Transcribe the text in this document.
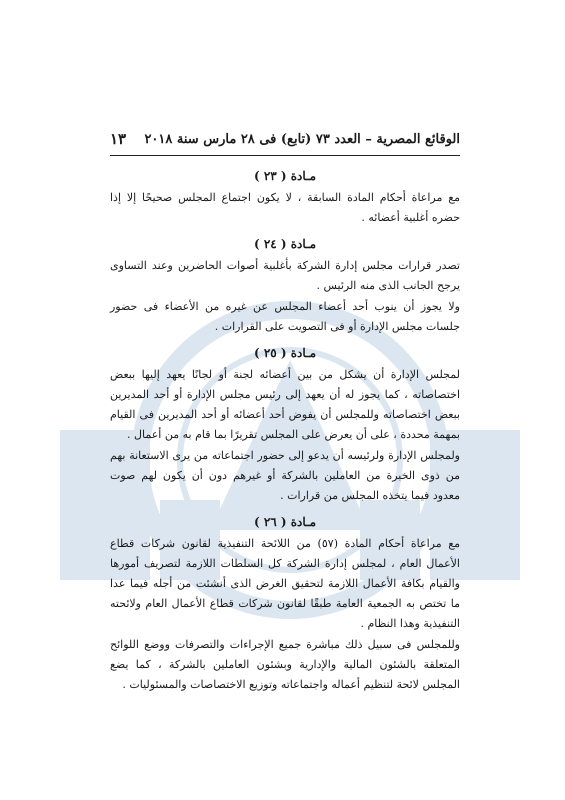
الوقائع المصرية – العدد ٧٣ (تابع) فى ٢٨ مارس سنة ٢٠١٨
١٣
مـادة ( ٢٣ )

مع مراعاة أحكام المادة السابقة ، لا يكون اجتماع المجلس صحيحًا إلا إذا حضره أغلبية أعضائه .

مـادة ( ٢٤ )

تصدر قرارات مجلس إدارة الشركة بأغلبية أصوات الحاضرين وعند التساوى يرجح الجانب الذى منه الرئيس .

ولا يجوز أن ينوب أحد أعضاء المجلس عن غيره من الأعضاء فى حضور جلسات مجلس الإدارة أو فى التصويت على القرارات .

مـادة ( ٢٥ )

لمجلس الإدارة أن يشكل من بين أعضائه لجنة أو لجانًا يعهد إليها ببعض اختصاصاته ، كما يجوز له أن يعهد إلى رئيس مجلس الإدارة أو أحد المديرين ببعض اختصاصاته وللمجلس أن يفوض أحد أعضائه أو أحد المديرين فى القيام بمهمة محددة ، على أن يعرض على المجلس تقريرًا بما قام به من أعمال .

ولمجلس الإدارة ولرئيسه أن يدعو إلى حضور اجتماعاته من يرى الاستعانة بهم من ذوى الخبرة من العاملين بالشركة أو غيرهم دون أن يكون لهم صوت معدود فيما يتخذه المجلس من قرارات .

مـادة ( ٢٦ )

مع مراعاة أحكام المادة (٥٧) من اللائحة التنفيذية لقانون شركات قطاع الأعمال العام ، لمجلس إدارة الشركة كل السلطات اللازمة لتصريف أمورها والقيام بكافة الأعمال اللازمة لتحقيق الغرض الذى أنشئت من أجله فيما عدا ما تختص به الجمعية العامة طبقًا لقانون شركات قطاع الأعمال العام ولائحته التنفيذية وهذا النظام .

وللمجلس فى سبيل ذلك مباشرة جميع الإجراءات والتصرفات ووضع اللوائح المتعلقة بالشئون المالية والإدارية وبشئون العاملين بالشركة ، كما يضع المجلس لائحة لتنظيم أعماله واجتماعاته وتوزيع الاختصاصات والمسئوليات .
